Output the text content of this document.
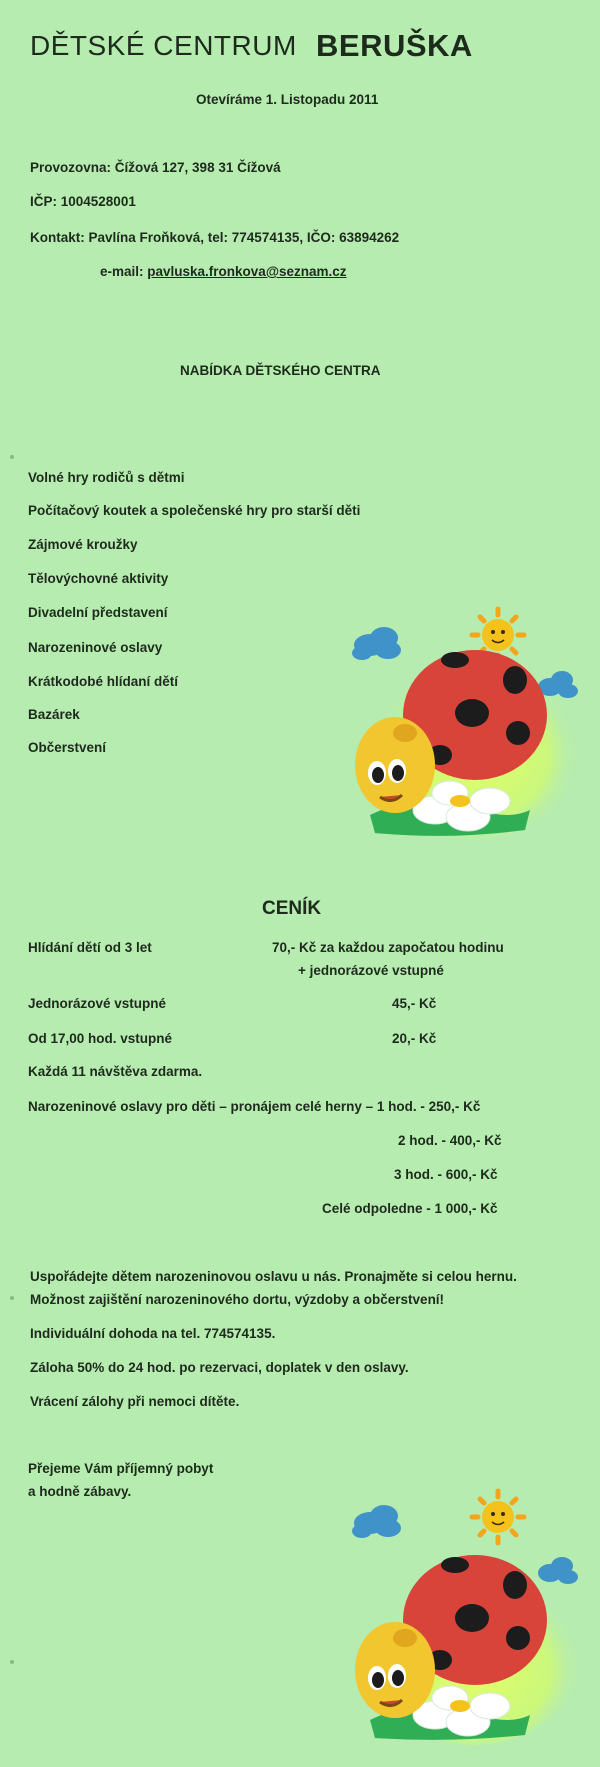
DĚTSKÉ CENTRUM BERUŠKA
Otevíráme 1. Listopadu 2011
Provozovna: Čížová 127, 398 31 Čížová
IČP: 1004528001
Kontakt: Pavlína Froňková, tel: 774574135, IČO: 63894262
e-mail: pavluska.fronkova@seznam.cz
NABÍDKA DĚTSKÉHO CENTRA
Volné hry rodičů s dětmi
Počítačový koutek a společenské hry pro starší děti
Zájmové kroužky
Tělovýchovné aktivity
Divadelní představení
Narozeninové oslavy
Krátkodobé hlídaní dětí
Bazárek
Občerstvení
CENÍK
Hlídání dětí od 3 let	70,- Kč za každou započatou hodinu
+ jednorázové vstupné
Jednorázové vstupné	45,- Kč
Od 17,00 hod. vstupné	20,- Kč
Každá 11 návštěva zdarma.
Narozeninové oslavy pro děti – pronájem celé herny – 1 hod. - 250,- Kč
2 hod. - 400,- Kč
3 hod. - 600,- Kč
Celé odpoledne - 1 000,- Kč
Uspořádejte dětem narozeninovou oslavu u nás. Pronajměte si celou hernu.
Možnost zajištění narozeninového dortu, výzdoby a občerstvení!
Individuální dohoda na tel. 774574135.
Záloha 50% do 24 hod. po rezervaci, doplatek v den oslavy.
Vrácení zálohy při nemoci dítěte.
Přejeme Vám příjemný pobyt
a hodně zábavy.
